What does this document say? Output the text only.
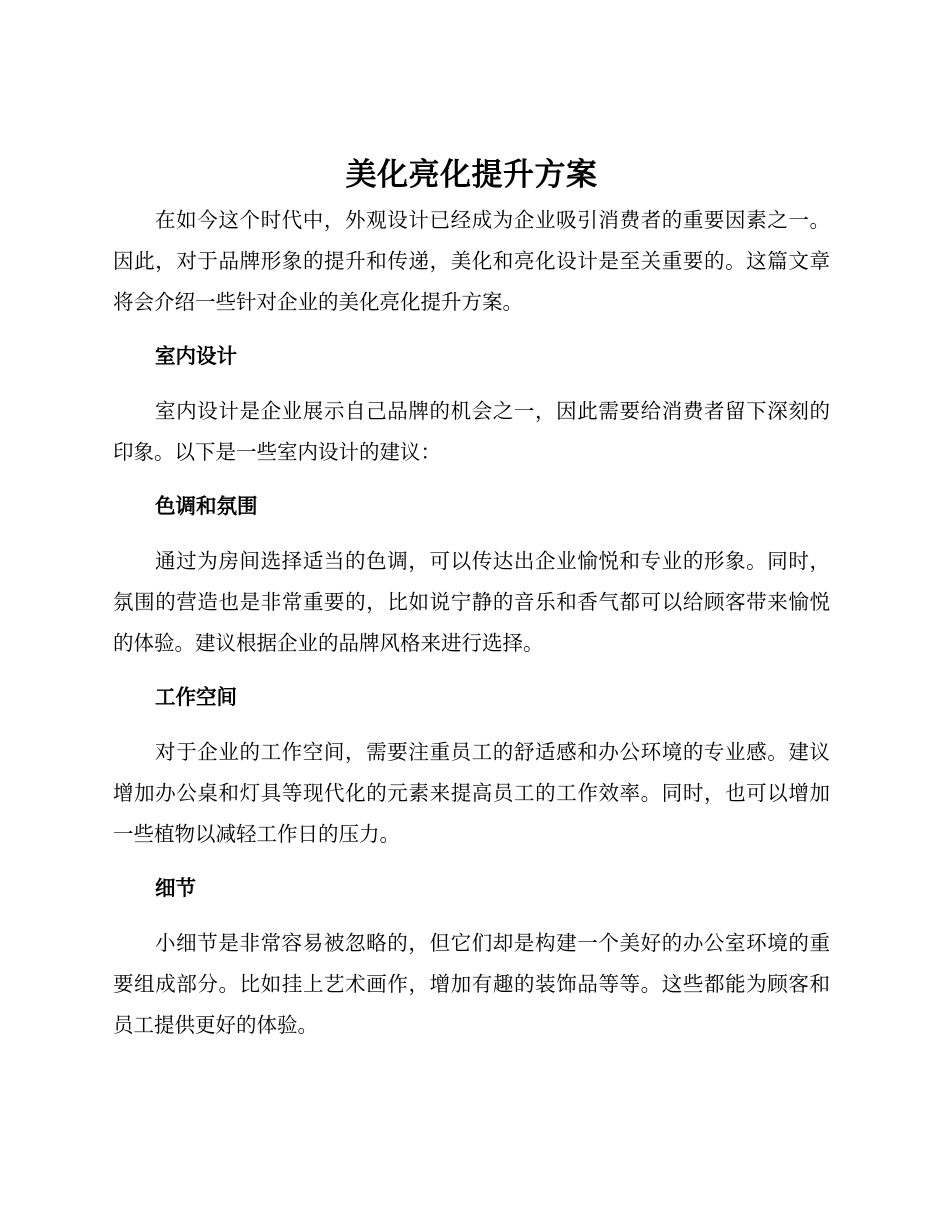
美化亮化提升方案

在如今这个时代中，外观设计已经成为企业吸引消费者的重要因素之一。因此，对于品牌形象的提升和传递，美化和亮化设计是至关重要的。这篇文章将会介绍一些针对企业的美化亮化提升方案。

室内设计

室内设计是企业展示自己品牌的机会之一，因此需要给消费者留下深刻的印象。以下是一些室内设计的建议：

色调和氛围

通过为房间选择适当的色调，可以传达出企业愉悦和专业的形象。同时，氛围的营造也是非常重要的，比如说宁静的音乐和香气都可以给顾客带来愉悦的体验。建议根据企业的品牌风格来进行选择。

工作空间

对于企业的工作空间，需要注重员工的舒适感和办公环境的专业感。建议增加办公桌和灯具等现代化的元素来提高员工的工作效率。同时，也可以增加一些植物以减轻工作日的压力。

细节

小细节是非常容易被忽略的，但它们却是构建一个美好的办公室环境的重要组成部分。比如挂上艺术画作，增加有趣的装饰品等等。这些都能为顾客和员工提供更好的体验。
